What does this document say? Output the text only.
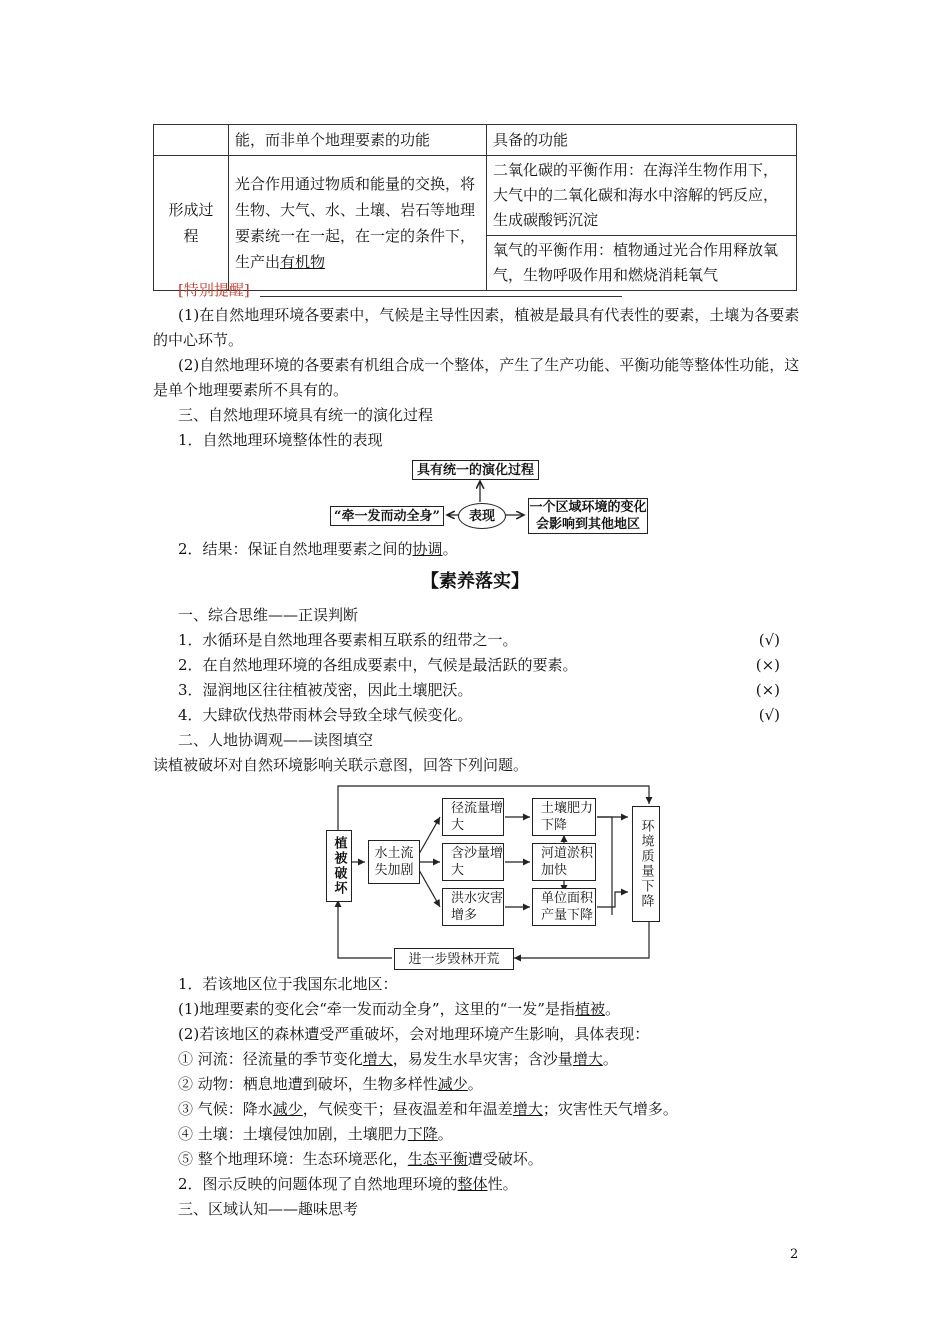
	能，而非单个地理要素的功能	具备的功能
形成过程	光合作用通过物质和能量的交换，将生物、大气、水、土壤、岩石等地理要素统一在一起，在一定的条件下，生产出有机物	二氧化碳的平衡作用：在海洋生物作用下，大气中的二氧化碳和海水中溶解的钙反应，生成碳酸钙沉淀
		氧气的平衡作用：植物通过光合作用释放氧气，生物呼吸作用和燃烧消耗氧气
[特别提醒]
(1)在自然地理环境各要素中，气候是主导性因素，植被是最具有代表性的要素，土壤为各要素的中心环节。
(2)自然地理环境的各要素有机组合成一个整体，产生了生产功能、平衡功能等整体性功能，这是单个地理要素所不具有的。
三、自然地理环境具有统一的演化过程
1．自然地理环境整体性的表现
具有统一的演化过程
表现
“牵一发而动全身”
一个区域环境的变化会影响到其他地区
2．结果：保证自然地理要素之间的协调。
【素养落实】
一、综合思维——正误判断
1．水循环是自然地理各要素相互联系的纽带之一。	(√)
2．在自然地理环境的各组成要素中，气候是最活跃的要素。	(×)
3．湿润地区往往植被茂密，因此土壤肥沃。	(×)
4．大肆砍伐热带雨林会导致全球气候变化。	(√)
二、人地协调观——读图填空
读植被破坏对自然环境影响关联示意图，回答下列问题。
植被破坏	水土流失加剧
径流量增大
含沙量增大
洪水灾害增多
土壤肥力下降
河道淤积加快
单位面积产量下降
环境质量下降
进一步毁林开荒
1．若该地区位于我国东北地区：
(1)地理要素的变化会“牵一发而动全身”，这里的“一发”是指植被。
(2)若该地区的森林遭受严重破坏，会对地理环境产生影响，具体表现：
① 河流：径流量的季节变化增大，易发生水旱灾害；含沙量增大。
② 动物：栖息地遭到破坏，生物多样性减少。
③ 气候：降水减少，气候变干；昼夜温差和年温差增大；灾害性天气增多。
④ 土壤：土壤侵蚀加剧，土壤肥力下降。
⑤ 整个地理环境：生态环境恶化，生态平衡遭受破坏。
2．图示反映的问题体现了自然地理环境的整体性。
三、区域认知——趣味思考
2
